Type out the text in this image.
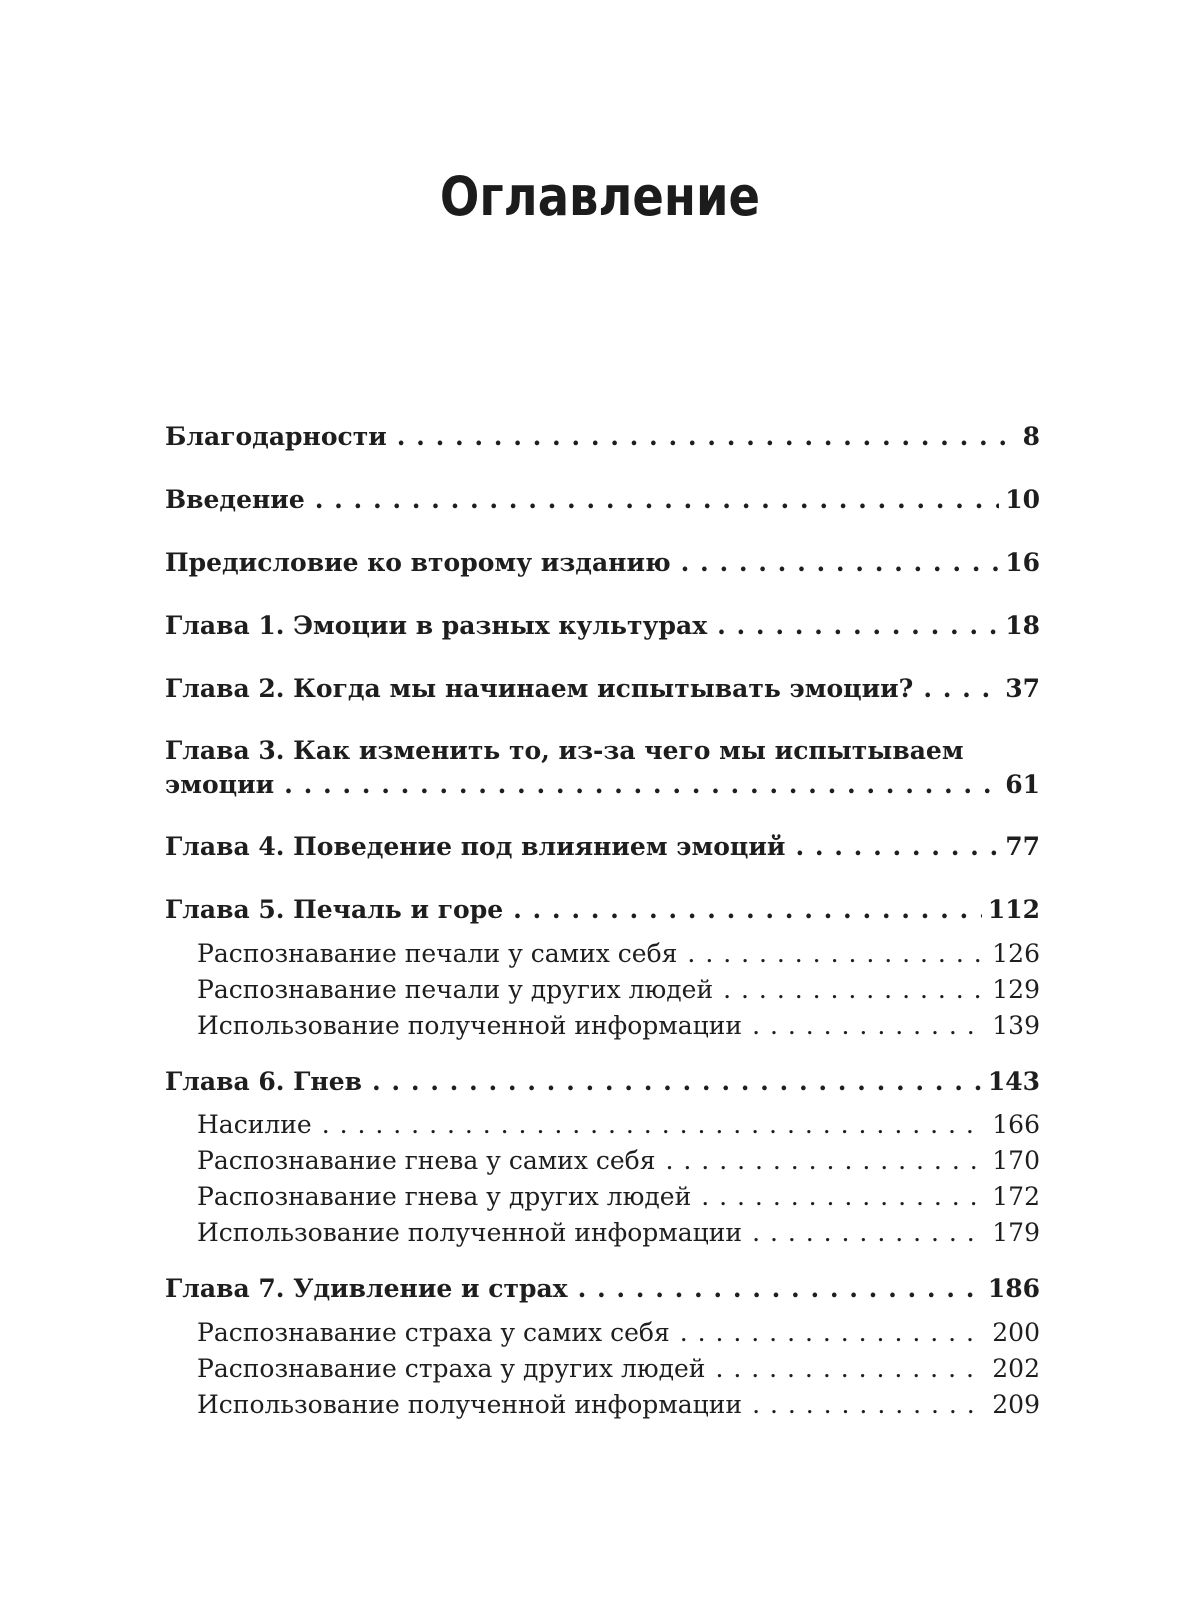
Оглавление
Благодарности . . .	8
Введение . . .	10
Предисловие ко второму изданию . . .	16
Глава 1. Эмоции в разных культурах . . .	18
Глава 2. Когда мы начинаем испытывать эмоции? . . .	37
Глава 3. Как изменить то, из-за чего мы испытываем
эмоции . . .	61
Глава 4. Поведение под влиянием эмоций . . .	77
Глава 5. Печаль и горе . . .	112
Распознавание печали у самих себя . . .	126
Распознавание печали у других людей . . .	129
Использование полученной информации . . .	139
Глава 6. Гнев . . .	143
Насилие . . .	166
Распознавание гнева у самих себя . . .	170
Распознавание гнева у других людей . . .	172
Использование полученной информации . . .	179
Глава 7. Удивление и страх . . .	186
Распознавание страха у самих себя . . .	200
Распознавание страха у других людей . . .	202
Использование полученной информации . . .	209
